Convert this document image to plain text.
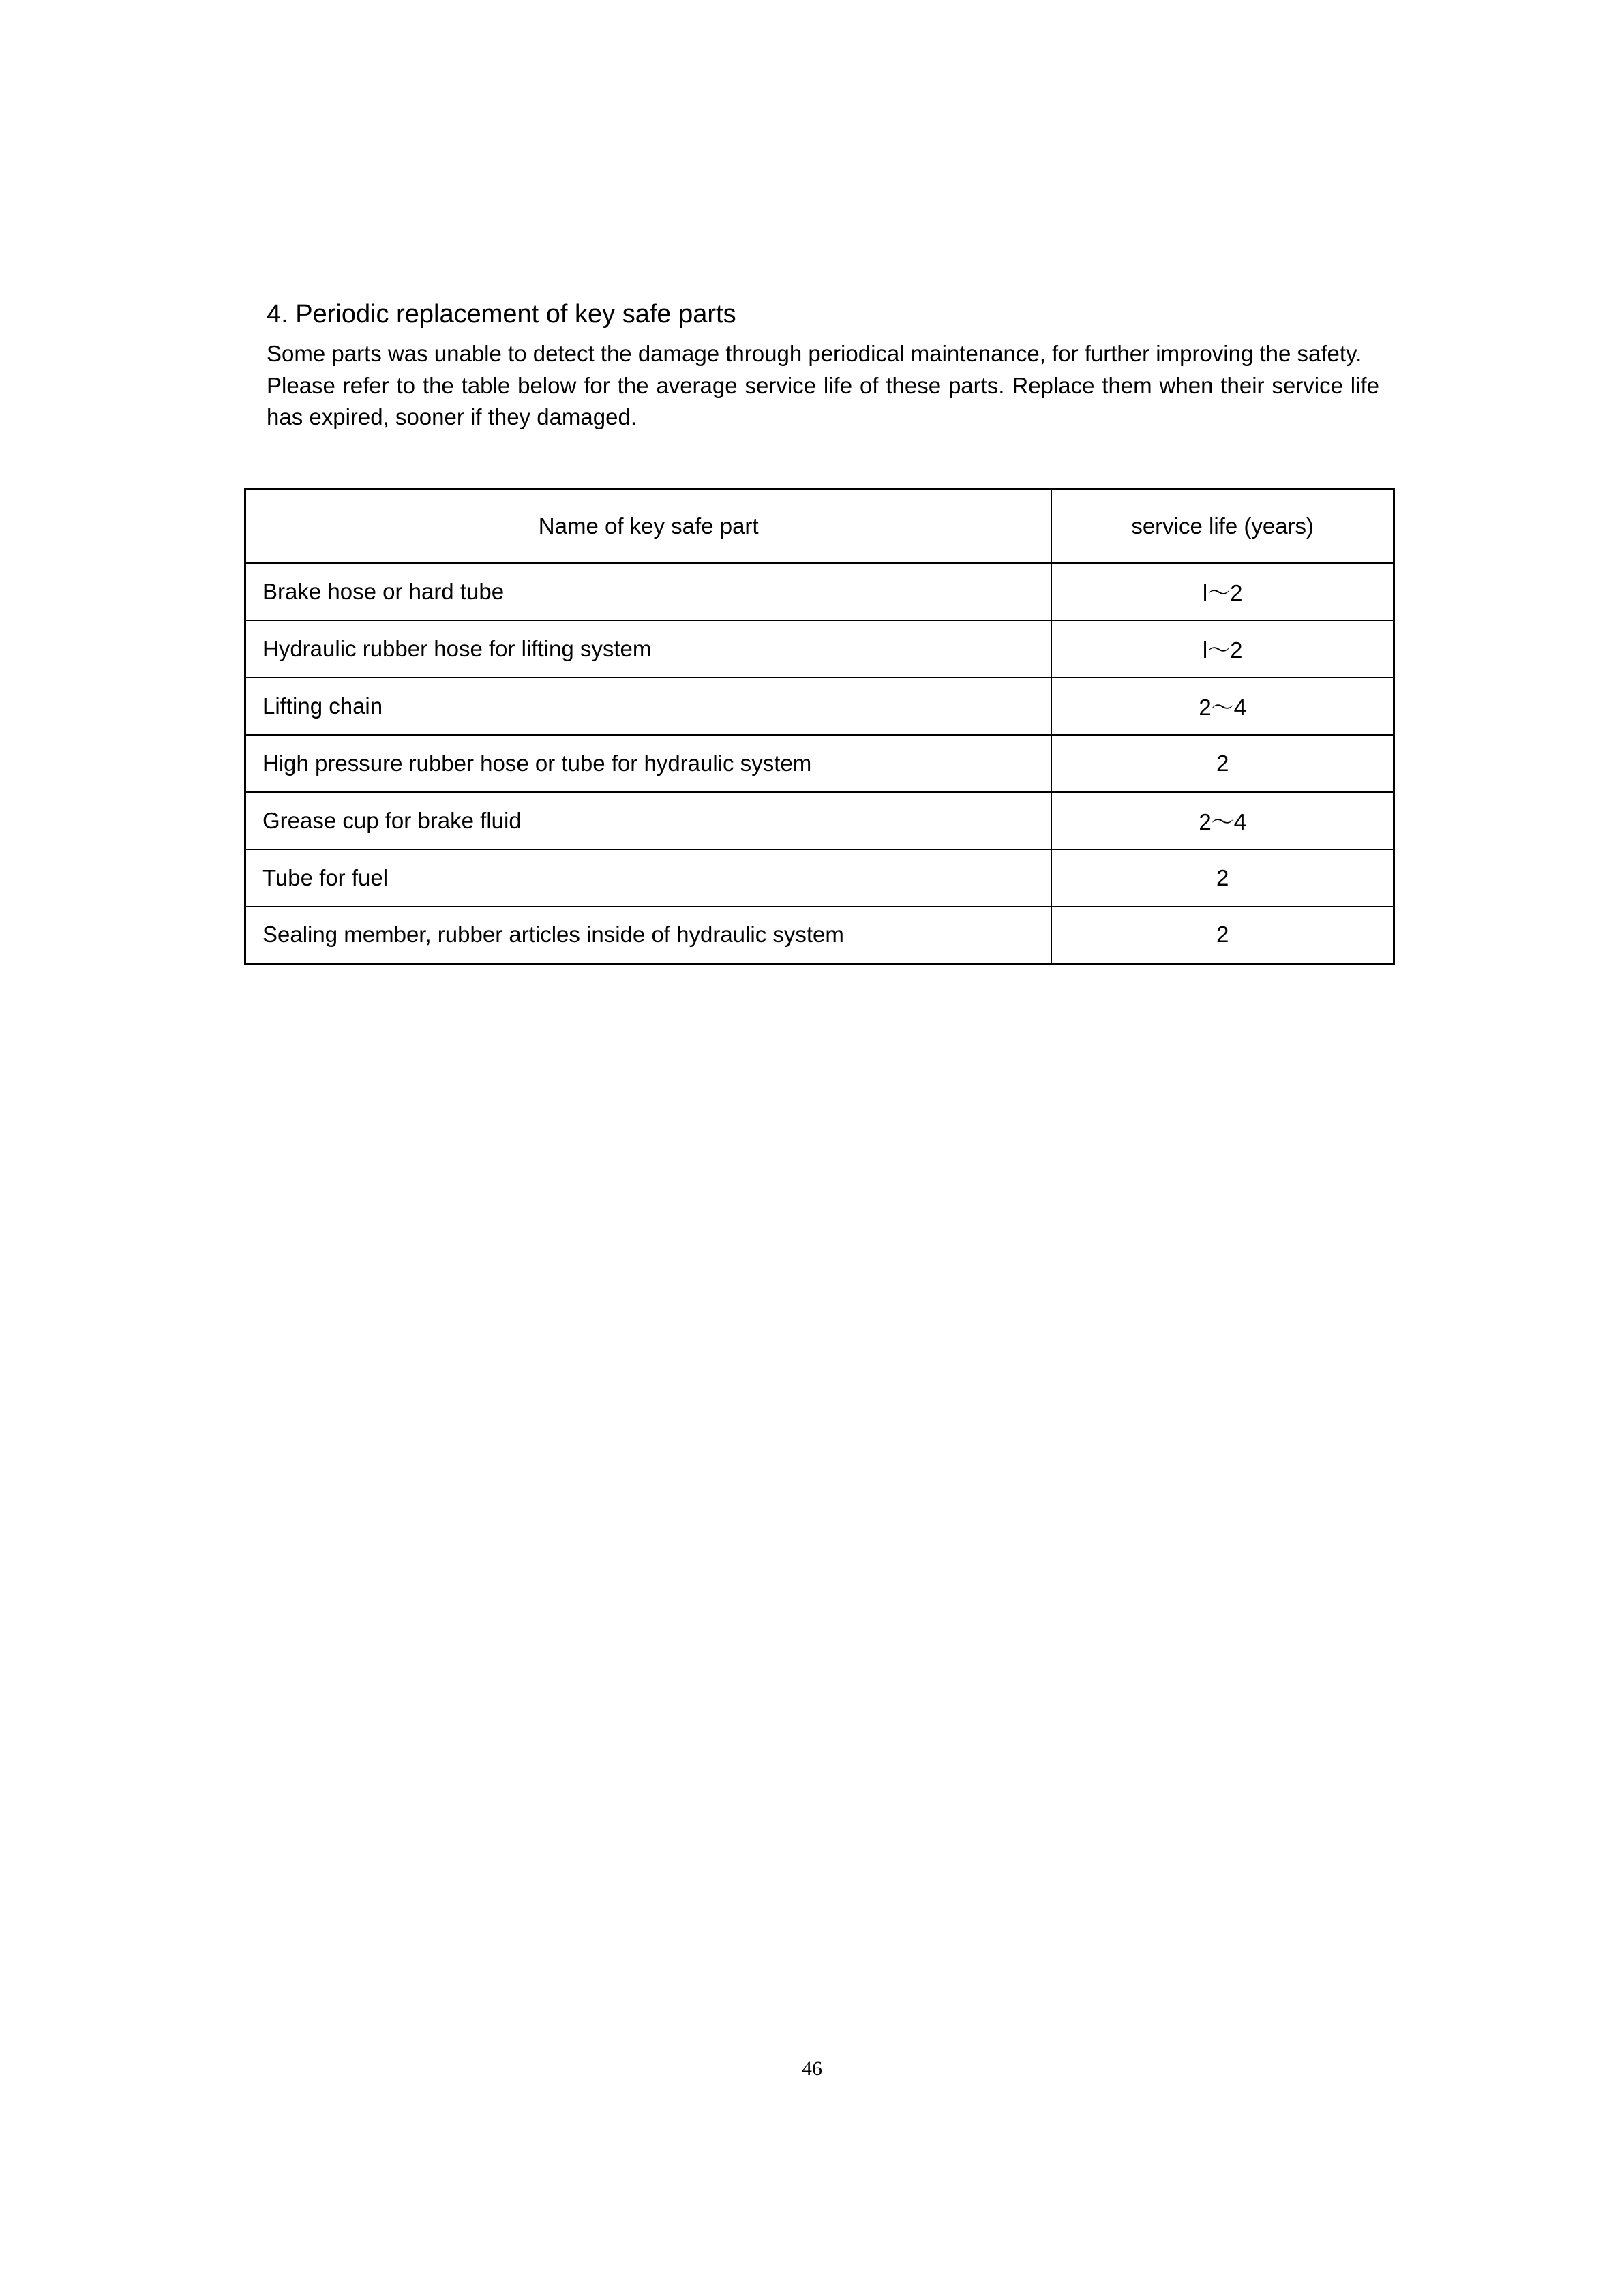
4. Periodic replacement of key safe parts

Some parts was unable to detect the damage through periodical maintenance, for further improving the safety.

Please refer to the table below for the average service life of these parts. Replace them when their service life has expired, sooner if they damaged.

Name of key safe part	service life (years)
Brake hose or hard tube	l～2
Hydraulic rubber hose for lifting system	l～2
Lifting chain	2～4
High pressure rubber hose or tube for hydraulic system	2
Grease cup for brake fluid	2～4
Tube for fuel	2
Sealing member, rubber articles inside of hydraulic system	2
46
